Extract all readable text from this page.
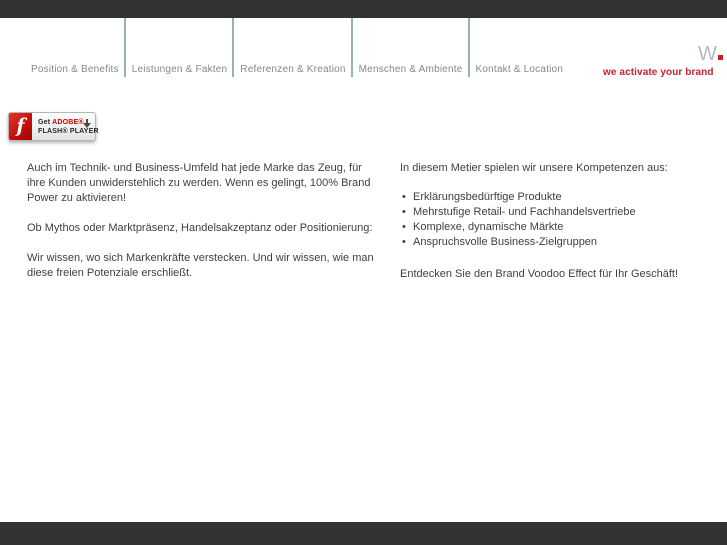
Position & Benefits Leistungen & Fakten Referenzen & Kreation Menschen & Ambiente Kontakt & Location
W
we activate your brand
f	Get ADOBE®
FLASH® PLAYER

Auch im Technik- und Business-Umfeld hat jede Marke das Zeug, für ihre Kunden unwiderstehlich zu werden. Wenn es gelingt, 100% Brand Power zu aktivieren!

Ob Mythos oder Marktpräsenz, Handelsakzeptanz oder Positionierung:

Wir wissen, wo sich Markenkräfte verstecken. Und wir wissen, wie man diese freien Potenziale erschließt.

In diesem Metier spielen wir unsere Kompetenzen aus:

• Erklärungsbedürftige Produkte
• Mehrstufige Retail- und Fachhandelsvertriebe
• Komplexe, dynamische Märkte
• Anspruchsvolle Business-Zielgruppen

Entdecken Sie den Brand Voodoo Effect für Ihr Geschäft!
